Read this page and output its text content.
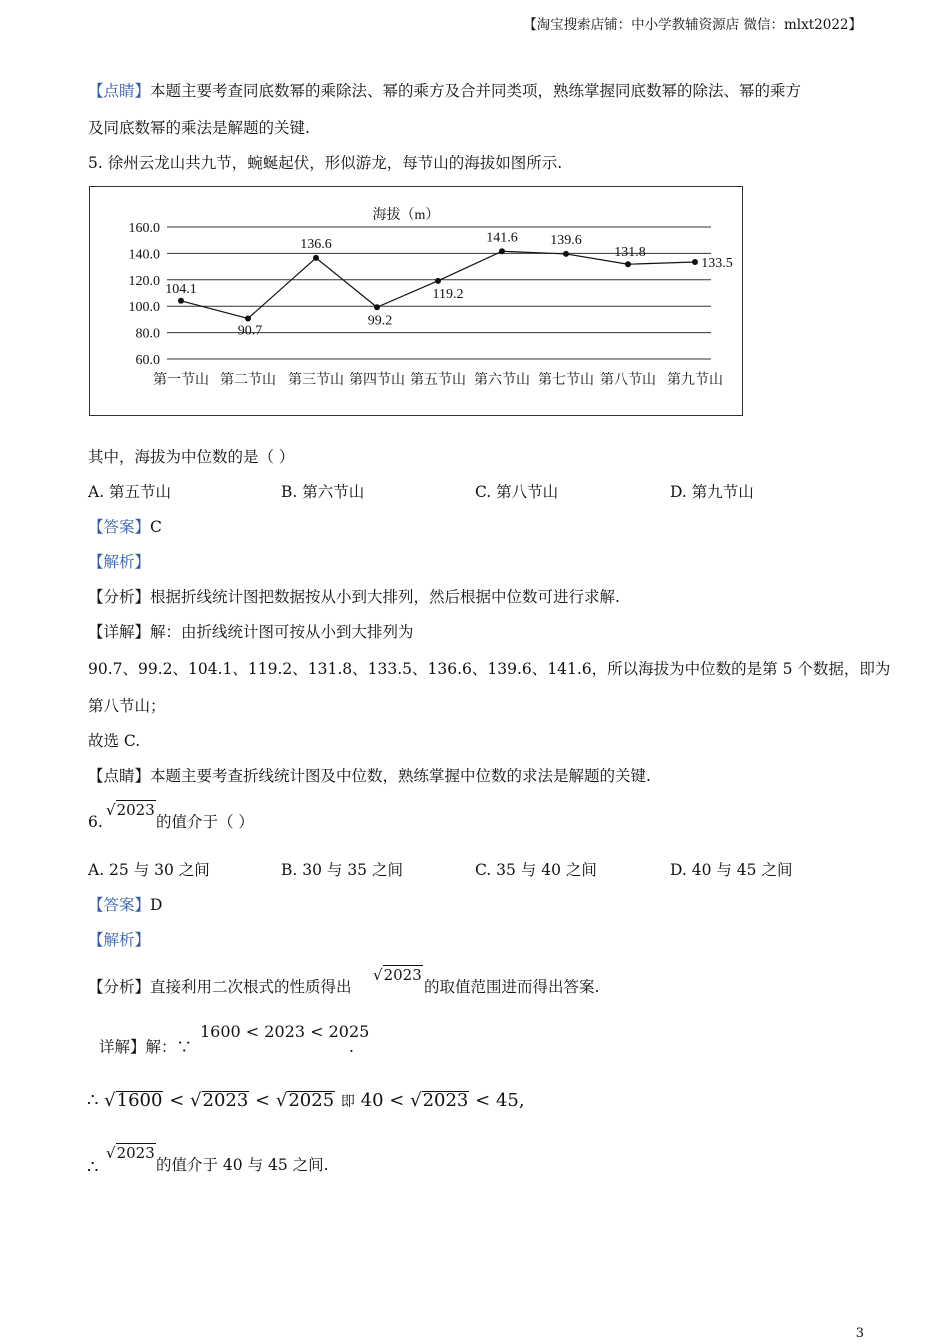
【淘宝搜索店铺：中小学教辅资源店 微信：mlxt2022】
【点睛】本题主要考查同底数幂的乘除法、幂的乘方及合并同类项，熟练掌握同底数幂的除法、幂的乘方
及同底数幂的乘法是解题的关键.
5. 徐州云龙山共九节，蜿蜒起伏，形似游龙，每节山的海拔如图所示.
海拔（m）
160.0
140.0
120.0
100.0
80.0
60.0
第一节山 第二节山 第三节山 第四节山 第五节山 第六节山 第七节山 第八节山 第九节山
104.1
90.7
136.6
99.2
119.2
141.6 139.6
131.8
133.5
其中，海拔为中位数的是（ ）
A. 第五节山	B. 第六节山	C. 第八节山	D. 第九节山
【答案】C
【解析】
【分析】根据折线统计图把数据按从小到大排列，然后根据中位数可进行求解.
【详解】解：由折线统计图可按从小到大排列为
90.7、99.2、104.1、119.2、131.8、133.5、136.6、139.6、141.6，所以海拔为中位数的是第 5 个数据，即为
第八节山；
故选 C.
【点睛】本题主要考查折线统计图及中位数，熟练掌握中位数的求法是解题的关键.
6.
√2023
的值介于（ ）
A. 25 与 30 之间	B. 30 与 35 之间	C. 35 与 40 之间	D. 40 与 45 之间
【答案】D
【解析】
【分析】直接利用二次根式的性质得出
√2023
的取值范围进而得出答案.
详解】解：∵
1600 < 2023 < 2025
.
∴ √1600 < √2023 < √2025 即 40 < √2023 < 45,
∴
√2023
的值介于 40 与 45 之间.
3
